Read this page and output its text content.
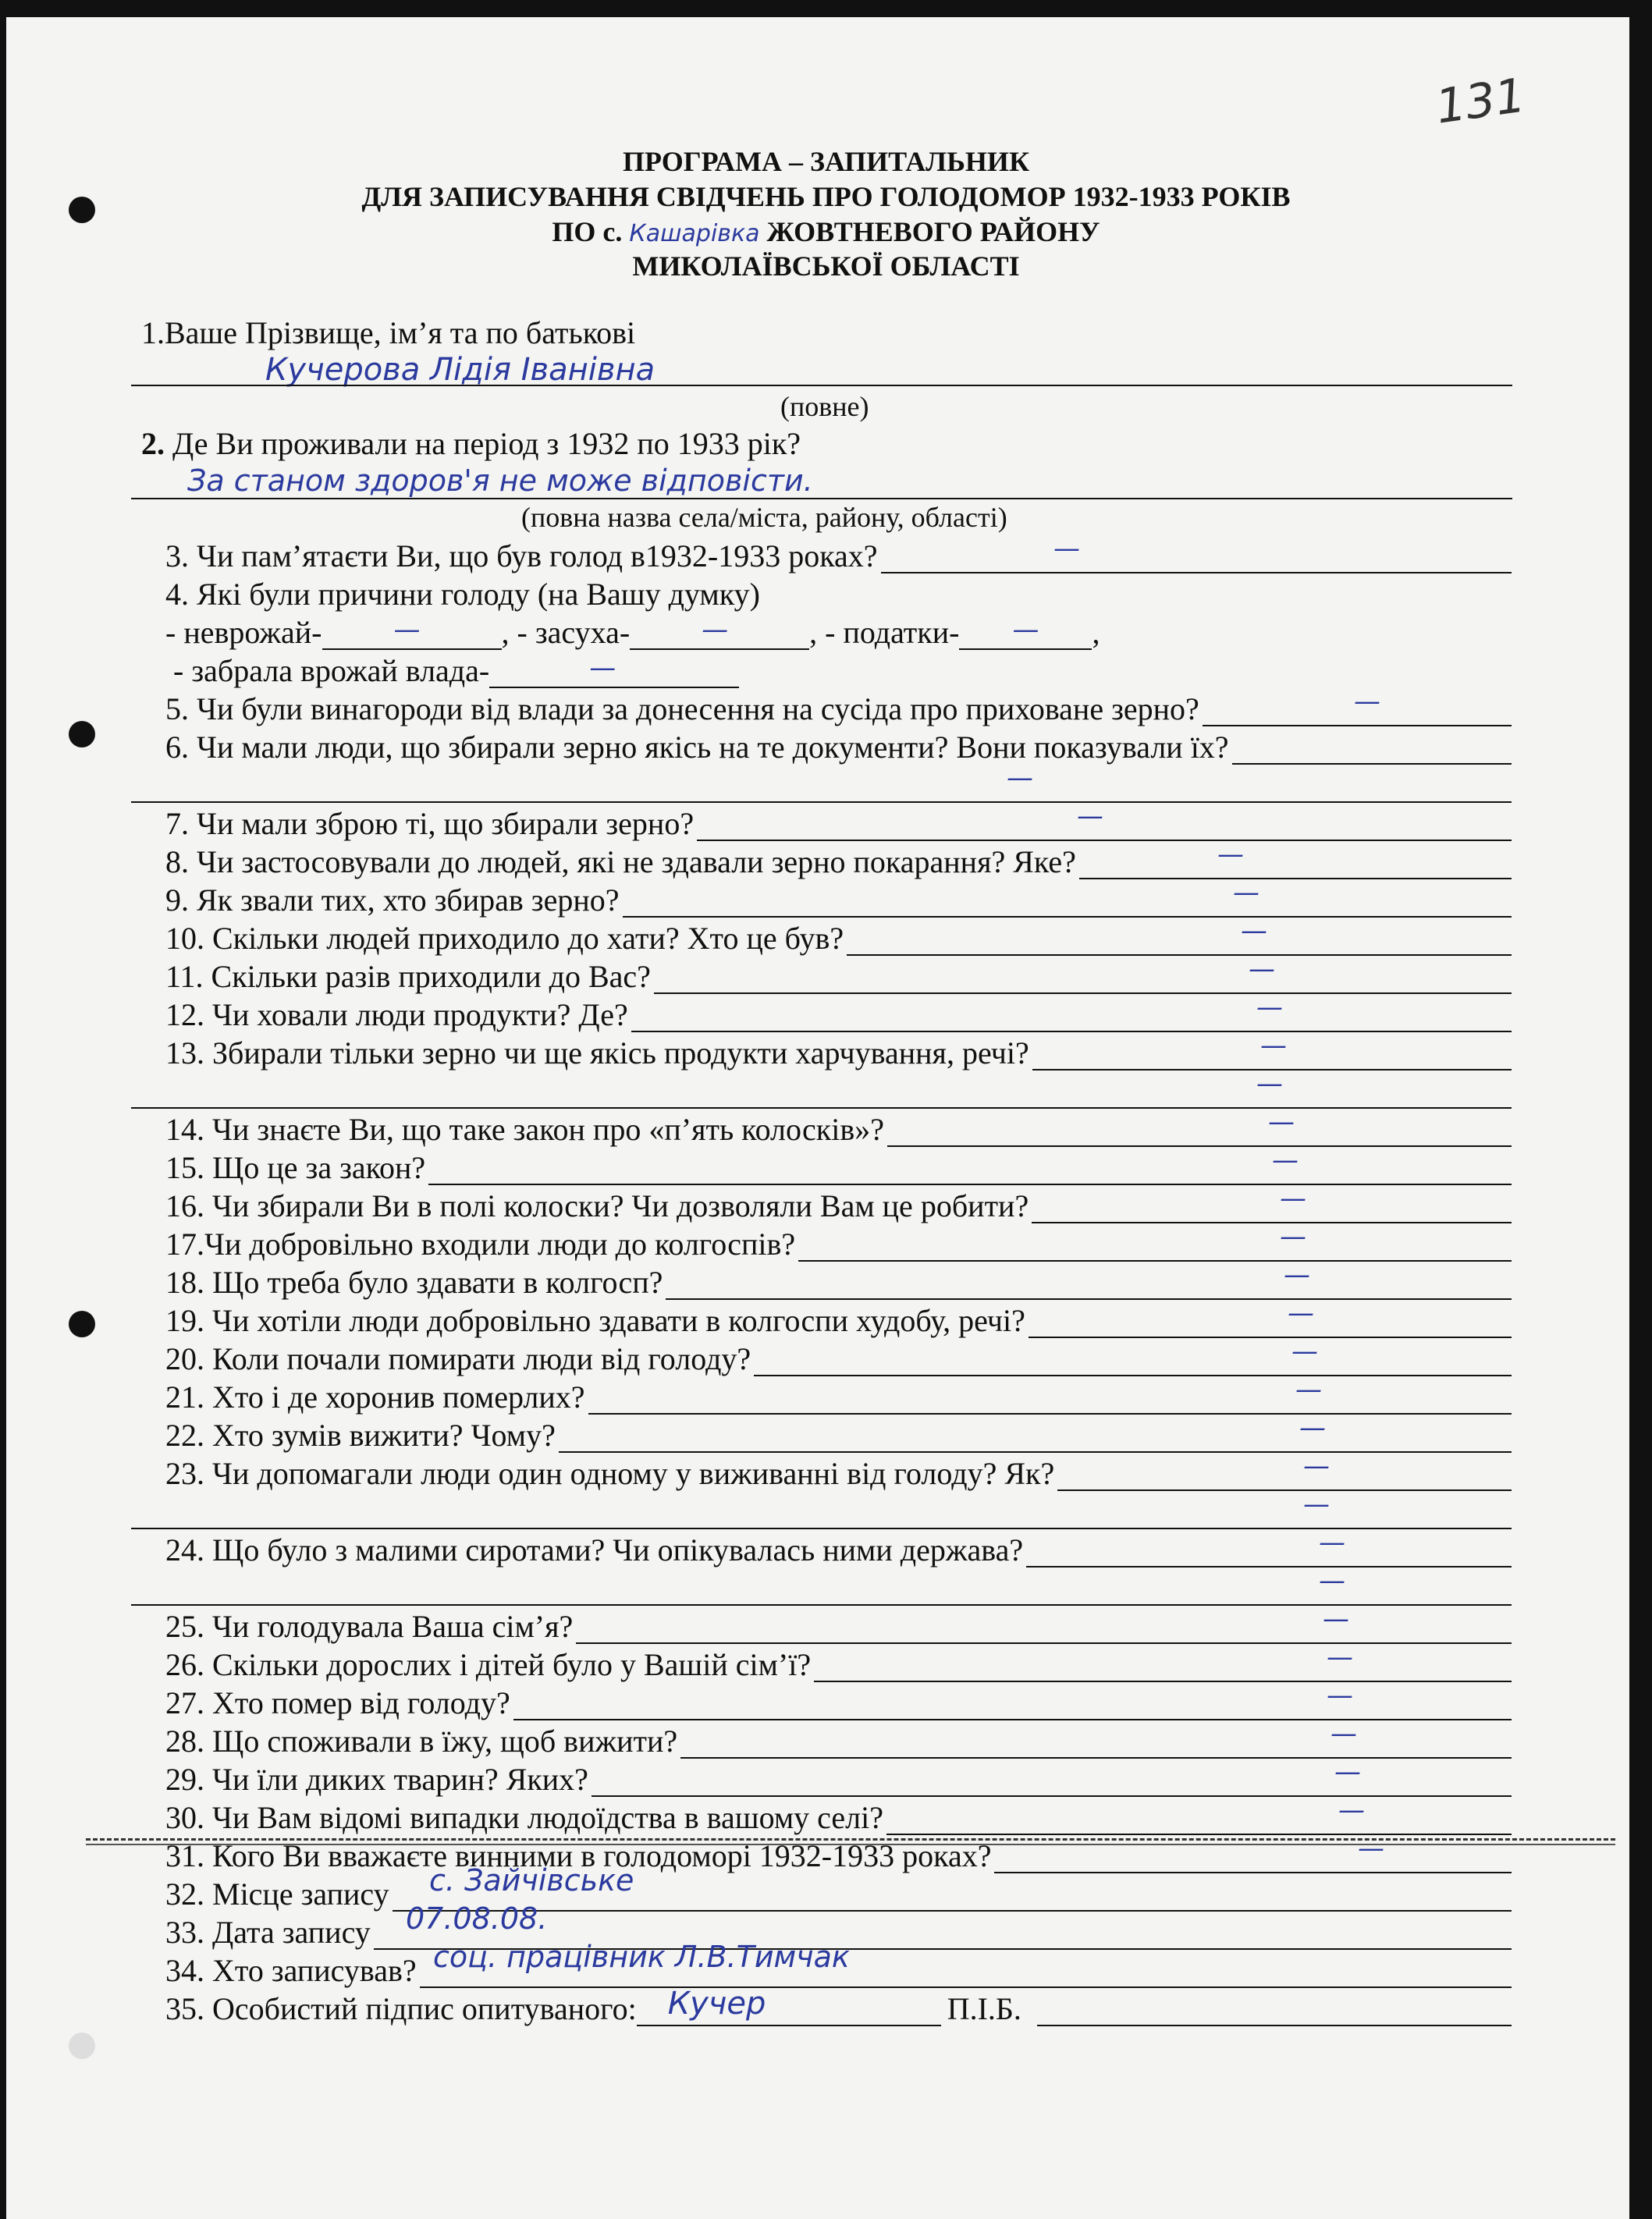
131
ПРОГРАМА – ЗАПИТАЛЬНИК
ДЛЯ ЗАПИСУВАННЯ СВІДЧЕНЬ ПРО ГОЛОДОМОР 1932-1933 РОКІВ
ПО с. Кашарівка ЖОВТНЕВОГО РАЙОНУ
МИКОЛАЇВСЬКОЇ ОБЛАСТІ
1.Ваше Прізвище, ім’я та по батькові
Кучерова Лідія Іванівна
(повне)
2. Де Ви проживали на період з 1932 по 1933 рік?
За станом здоров'я не може відповісти.
(повна назва села/міста, району, області)
3. Чи пам’ятаєти Ви, що був голод в1932-1933 роках?	—
4. Які були причини голоду (на Вашу думку)
- неврожай-	—	, - засуха-	—	, - податки- — ,
- забрала врожай влада-	—
5. Чи були винагороди від влади за донесення на сусіда про приховане зерно?	—
6. Чи мали люди, що збирали зерно якісь на те документи? Вони показували їх?
—
7. Чи мали зброю ті, що збирали зерно?	—
8. Чи застосовували до людей, які не здавали зерно покарання? Яке?	—
9. Як звали тих, хто збирав зерно?	—
10. Скільки людей приходило до хати? Хто це був?	—
11. Скільки разів приходили до Вас?	—
12. Чи ховали люди продукти? Де?	—
13. Збирали тільки зерно чи ще якісь продукти харчування, речі?	—
—
14. Чи знаєте Ви, що таке закон про «п’ять колосків»?	—
15. Що це за закон?	—
16. Чи збирали Ви в полі колоски? Чи дозволяли Вам це робити?	—
17.Чи добровільно входили люди до колгоспів?	—
18. Що треба було здавати в колгосп?	—
19. Чи хотіли люди добровільно здавати в колгоспи худобу, речі?	—
20. Коли почали помирати люди від голоду?	—
21. Хто і де хоронив померлих?	—
22. Хто зумів вижити? Чому?	—
23. Чи допомагали люди один одному у виживанні від голоду? Як?	—
—
24. Що було з малими сиротами? Чи опікувалась ними держава?	—
—
25. Чи голодувала Ваша сім’я?	—
26. Скільки дорослих і дітей було у Вашій сім’ї?	—
27. Хто помер від голоду?	—
28. Що споживали в їжу, щоб вижити?	—
29. Чи їли диких тварин? Яких?	—
30. Чи Вам відомі випадки людоїдства в вашому селі?	—
31. Кого Ви вважаєте винними в голодоморі 1932-1933 роках?	—
32. Місце запису с. Зайчівське
33. Дата запису 07.08.08.
34. Хто записував? соц. працівник Л.В.Тимчак
35. Особистий підпис опитуваного: Кучер	П.І.Б.
